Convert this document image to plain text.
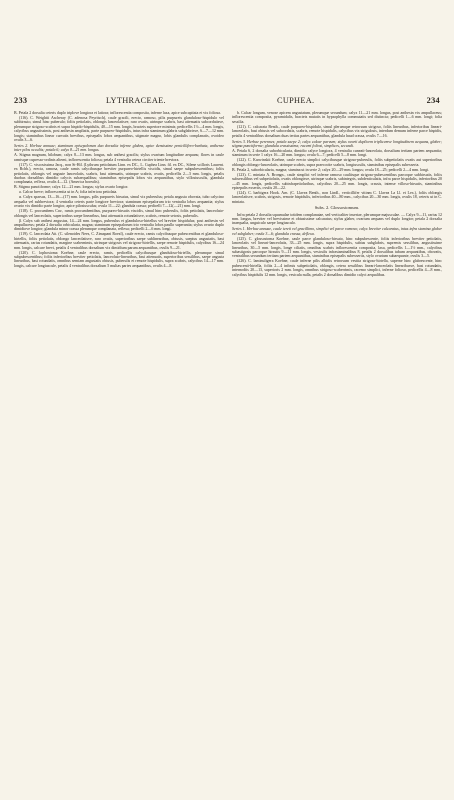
233	LYTHRACEAE.	CUPHEA.	234

B. Petala 2 dorsalia ceteris duplo triplove longiora et latiora; inflorescentia composita, inferne laxa, apice subcapitata et vix foliosa.

(116). C. Weightii Ascheray (C. adenosa Peyritsch), caule gracili, erecto, ramoso, pilis purpureis glanduloso-hispidulo vel subhirsuto, simul hinc puberulo; foliis petiolatis, oblongis lanceolatisve, raro ovatis, utrinque scabris, basi attenuatis subcordatisve, plerumque strigoso-scabris et supra hispido-hispidulis, 40—15 mm. longis, bracteis superiore minimis; pedicellis 1½—4 mm. longis, calycibus angustissimis, post anthesin ampliatis, parte purpureo-hispidulis, intus infra staminum glabris subglabrisve, 6—7—12 mm. longis; staminibus linear curvatis brevibus, episepalis lobos aequantibus, stigmate magno, lobis glandulis complanatis, ovoideo ovalis 3—6.

Series 2. Herbae annuae; staminum episepalorum duo dorsalia inferne glabra, apice densissime penicillifero-barbata, antherae inter pilos occultis; petala 6; calyx 8—21 mm. longus.

A. Stigma magnum, bilobum; calyx 8—13 mm. longus, sub anthesi gracilis; stylus ovarium longitudine aequans; flores in caule ramisque cupresso-ordinis alterni, inflorescentia foliosa; petala 4 ventralia cetera circiter triente breviora.

(117). C. viscosissima Jacq., non St-Hil. (Lythrum petiolatum Linn. ex DC., L. Cuphea Linn. fil. ex DC., Silene scilloris Laurent. ex Rchb.), erecta, ramosa, caule ramis calycibusque breviter purpureo-hirtellis viscidis, simul saepe subpubescentibus; foliis petiolatis, oblongis vel anguste lanceolatis, scabris, basi attenuatis, utrinque scabris, ovatis, pedicellis 2—3 mm. longis, petalis duobus dorsalibus dimidio calycis subaequalibus; staminibus episepalis lobos vix aequantibus, stylo villosiusculis, glandula complanata, reflexa, ovalis 4—12. (America borealis).

B. Stigma punctiforme; calyx 12—21 mm. longus; stylus ovario longior.

a. Calcar breve; inflorescentia ut in A; folia inferiora petiolata.

α. Calyx sparsus, 13—16—(17) mm. longus, pilis purpureis hirsutus, simul vix puberulus; petala angusta obovata, tubo calycino aequalia vel subbreviora; 4 ventralia ceteris parte longiore breviora; staminum episepalorum trio ventralia lobos aequantia; stylus ovario vix dimidio parte longior, apice pilosiusculus; ovula 11—22; glandula crassa; pedicelli 7—12(—21) mm. longi.

(118). C. procumbens Cav., ramis procumbentibus, purpureo-hirsutis viscidis, simul hinc puberulis, foliis petiolatis, lanceolato-oblongis vel lanceolatis, superioribus saepe linearibus, basi attenuatis rotundatisve, scabris, remote setosis, puberulis.

β. Calyx sub anthesi angustus, 14—24 mm. longus, puberulus et glanduloso-hirtellus vel breviter hispidulus; post anthesin vel ampullaceus; petala 2 dorsalia orbicularia, magna; staminum episepalorum trio ventralia lobos paullo superantia; stylus ovario duplo dimidiove longior; glandula minor crassa plerumque complanata, reflexa; pedicelli 2—6 mm. longi.

(119). C. lanceolata Ait. (C. silenoides Nees, C. Zimapani Roezl), caule erecto, ramis calycibusque pubescentibus et glanduloso-hirtellis, foliis petiolatis, oblongo lanceolatisve, raro ovatis, superioribus saepe sublinearibus, obtusis, saepius angustatis, basi attenuatis, rarius rotundatis, margine scabernimis, utrinque strigosis vel strigoso-hirtellis, saepe remote hispidulis, calycibus 16—24 mm. longis, calcare brevi, petalis 4 ventralibus dorsalium vix dimidium parum aequantibus, ovulis 9—21.

(120). C. lophostoma Koehne, caule erecto, ramis, pedicellis calycibusque glanduloso-hirtellis, plerumque simul subpubescentibus; foliis inferioribus breviter petiolatis, lanceolato-linearibus, basi attenuatis, superioribus sessilibus, saepe angusta linearibus, basi rotundatis, omnibus semiam angustatis obtusis, puberulis et remote hispidulis, supra scabris, calycibus 14—17 mm. longis, calcare longiuscule, petalis 4 ventralibus dorsalium 5 multas partes aequantibus, ovulis 4—8.

b. Calcar longum, venose apicem angustatum, plerumque secundum; calyx 11—21 mm. longus, post anthesin vix ampullaceus; inflorescentia composita, pyramidalis, bracteis mutatis in hypsophylla commutatis sed distincta; pedicelli 1—6 mm. longi; folia sessilia.

(121). C. calcarata Benth., caule purpureo-hispidulo, simul plerumque retrorsum strigoso, foliis linearibus, inferioribus lineari-lanceolatis, basi obtusis vel subcordatis, scabris, remote hispidulis, calycibus vix strigulosis, interdum demum inferne parce hispidis, petalis 4 ventralibus dorsalium duas tertias partes aequantibus, glandula haud crassa, ovulis 7—16.

Series 3. Herbae perennes; petala saepe 2; calyx calcar parvum; stylus ovarii duplicem triplicemve longitudinem aequans, glaber; stigma punctiforme; glandula crassissima; racemi foliosi, simplices, secundi.

A. Petala 6, 2 dorsalia suborbicularia, dimidio calyce longiora, 4 ventralia cuneati-lanceolata, dorsalium tertiam partem aequantia; staminum in serie 1 calyx 16—20 mm. longus; ovula 6—7; pedicelli 5—8 mm. longi.

(122). C. Karwinskii Koehne, caule erecto simplici calycibusque strigoso-puberulis, foliis subpetiolatis ovatis aut superioribus oblongis oblongo-lanceolatis, utrinque scabris, supra praecocite scabris, longiusculis, staminibus episepalis subexserta.

B. Petala 2, suborbicularia, magna; stamina ut in serie 2; calyx 20—29 mm. longus; ovula 18—25; pedicelli 2—4 mm. longi.

(123). C. miniata A. Brongn., caule simplici vel inferne ramoso cauliisque strigoso-pubescentibus parcoque subhirsutis, foliis subsessilibus vel subpetiolatis, ovatis oblongisve, utrinque scabris, subintegris, subdenticulatis, infra parce hispidulis, inferioribus 20—45 mm. longis, pedicellis subinfrapetiolaribus, calycibus 20—25 mm. longis, crassis, intense villoso-hirsutis, staminibus episepalis exsertis, ovulis 20—22.

(124). C. barbigera Hook. Arn. (C. Llavea Benth., non Lindl., verticillifer vitinm C. Llavea La Ll. et Lex.), foliis oblongis lanceolatisve, scabris, strigosis, remote hispidulis, inferioribus 40—80 mm., calycibus 20—30 mm. longis, ovulis 18, ceteris ut in C. miniata.

Subs. 2. Glossostomum.

Infra petala 2 dorsalia squamulae totidem complanatae, sed verticaliter insertae, plerumque majusculae. — Calyx 9—11, rarius 12 mm. longus, breviter vel brevissime et obtusissime calcaratus; stylus glaber, ovarium aequans vel duplo longior; petala 2 dorsalia inaequalia, unguiculo saepe longiusculo.

Series 1. Herbae annuae, caule tereti vel gracillimo, simplici vel parce ramoso; calyx breviter calcaratus, intus infra stamina glaber vel subglaber; ovula 3—6; glandula crassa, deflexa.

(125). C. glossostoma Koehne, caule parce glanduloso-hirsuto, hinc subpubescente, foliis inferioribus breviter petiolatis, lanceolatis vel lineari-lanceolatis, 33—25 mm. longis, supra hispidulis, subtus subglabris, supremis sessilibus, angustissime linearibus, 30—5 mm. longis, longe ciliatis, omnibus scabris inflorescentia composita, laxa, pedicellis 1—1½ mm., calycibus subastigosis parcoque hirsutis 9—11 mm. longis, vesiculis infrastaminalibus 8, petalis 2 dorsalibus tubum aequantibus, obovatis, ventralibus secundum tertiam partem aequantibus, staminibus episepalis subexsertis, stylo ovarium subaequante, ovulis 3—5.

(126). C. laminuligera Koehne, caule inferne pilis albidis retrorsum vestita strigoso-hirtella, superne hinc glabrescente, hinc pubescenti-hirtella, foliis 2—4 infimis subpetiolatis, oblongis, cetera sessilibus lineari-lanceolatis linearibusve, basi rotundatis, internodiis 20—13, superioris 2 mm. longis, omnibus strigoso-scaberrimis, racemo simplici, inferne folioso, pedicellis 4—8 mm., calycibus hispidulis 12 mm. longis, vesicula nulla, petalis 2 dorsalibus dimidio calyci aequalibus.
